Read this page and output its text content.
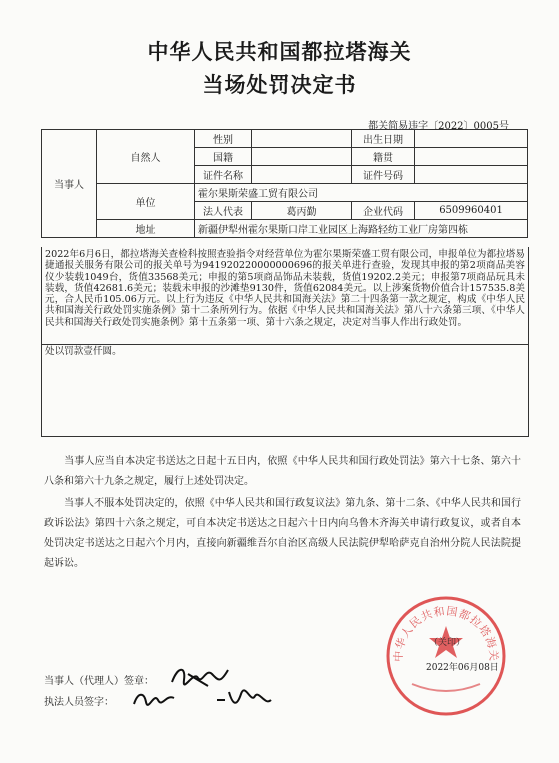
中华人民共和国都拉塔海关
当场处罚决定书
都关简易违字〔2022〕0005号
当事人	自然人	性别		出生日期	
		国籍		籍贯	
		证件名称		证件号码	
	单位	霍尔果斯荣盛工贸有限公司			
		法人代表	葛丙勤	企业代码	6509960401
	地址	新疆伊犁州霍尔果斯口岸工业园区上海路轻纺工业厂房第四栋			
2022年6月6日，都拉塔海关查检科按照查验指令对经营单位为霍尔果斯荣盛工贸有限公司，申报单位为都拉塔易捷通报关服务有限公司的报关单号为941920220000000696的报关单进行查验，发现其申报的第2项商品美容仪少装载1049台，货值33568美元；申报的第5项商品饰品未装载，货值19202.2美元；申报第7项商品玩具未装载，货值42681.6美元；装载未申报的沙滩垫9130件，货值62084美元。以上涉案货物价值合计157535.8美元，合人民币105.06万元。以上行为违反《中华人民共和国海关法》第二十四条第一款之规定，构成《中华人民共和国海关行政处罚实施条例》第十二条所列行为。依据《中华人民共和国海关法》第八十六条第三项、《中华人民共和国海关行政处罚实施条例》第十五条第一项、第十六条之规定，决定对当事人作出行政处罚。
处以罚款壹仟圆。
当事人应当自本决定书送达之日起十五日内，依照《中华人民共和国行政处罚法》第六十七条、第六十八条和第六十九条之规定，履行上述处罚决定。
当事人不服本处罚决定的，依照《中华人民共和国行政复议法》第九条、第十二条、《中华人民共和国行政诉讼法》第四十六条之规定，可自本决定书送达之日起六十日内向乌鲁木齐海关申请行政复议，或者自本处罚决定书送达之日起六个月内，直接向新疆维吾尔自治区高级人民法院伊犁哈萨克自治州分院人民法院提起诉讼。
中华人民共和国都拉塔海关
（关印）
2022年06月08日
当事人（代理人）签章：
执法人员签字：
